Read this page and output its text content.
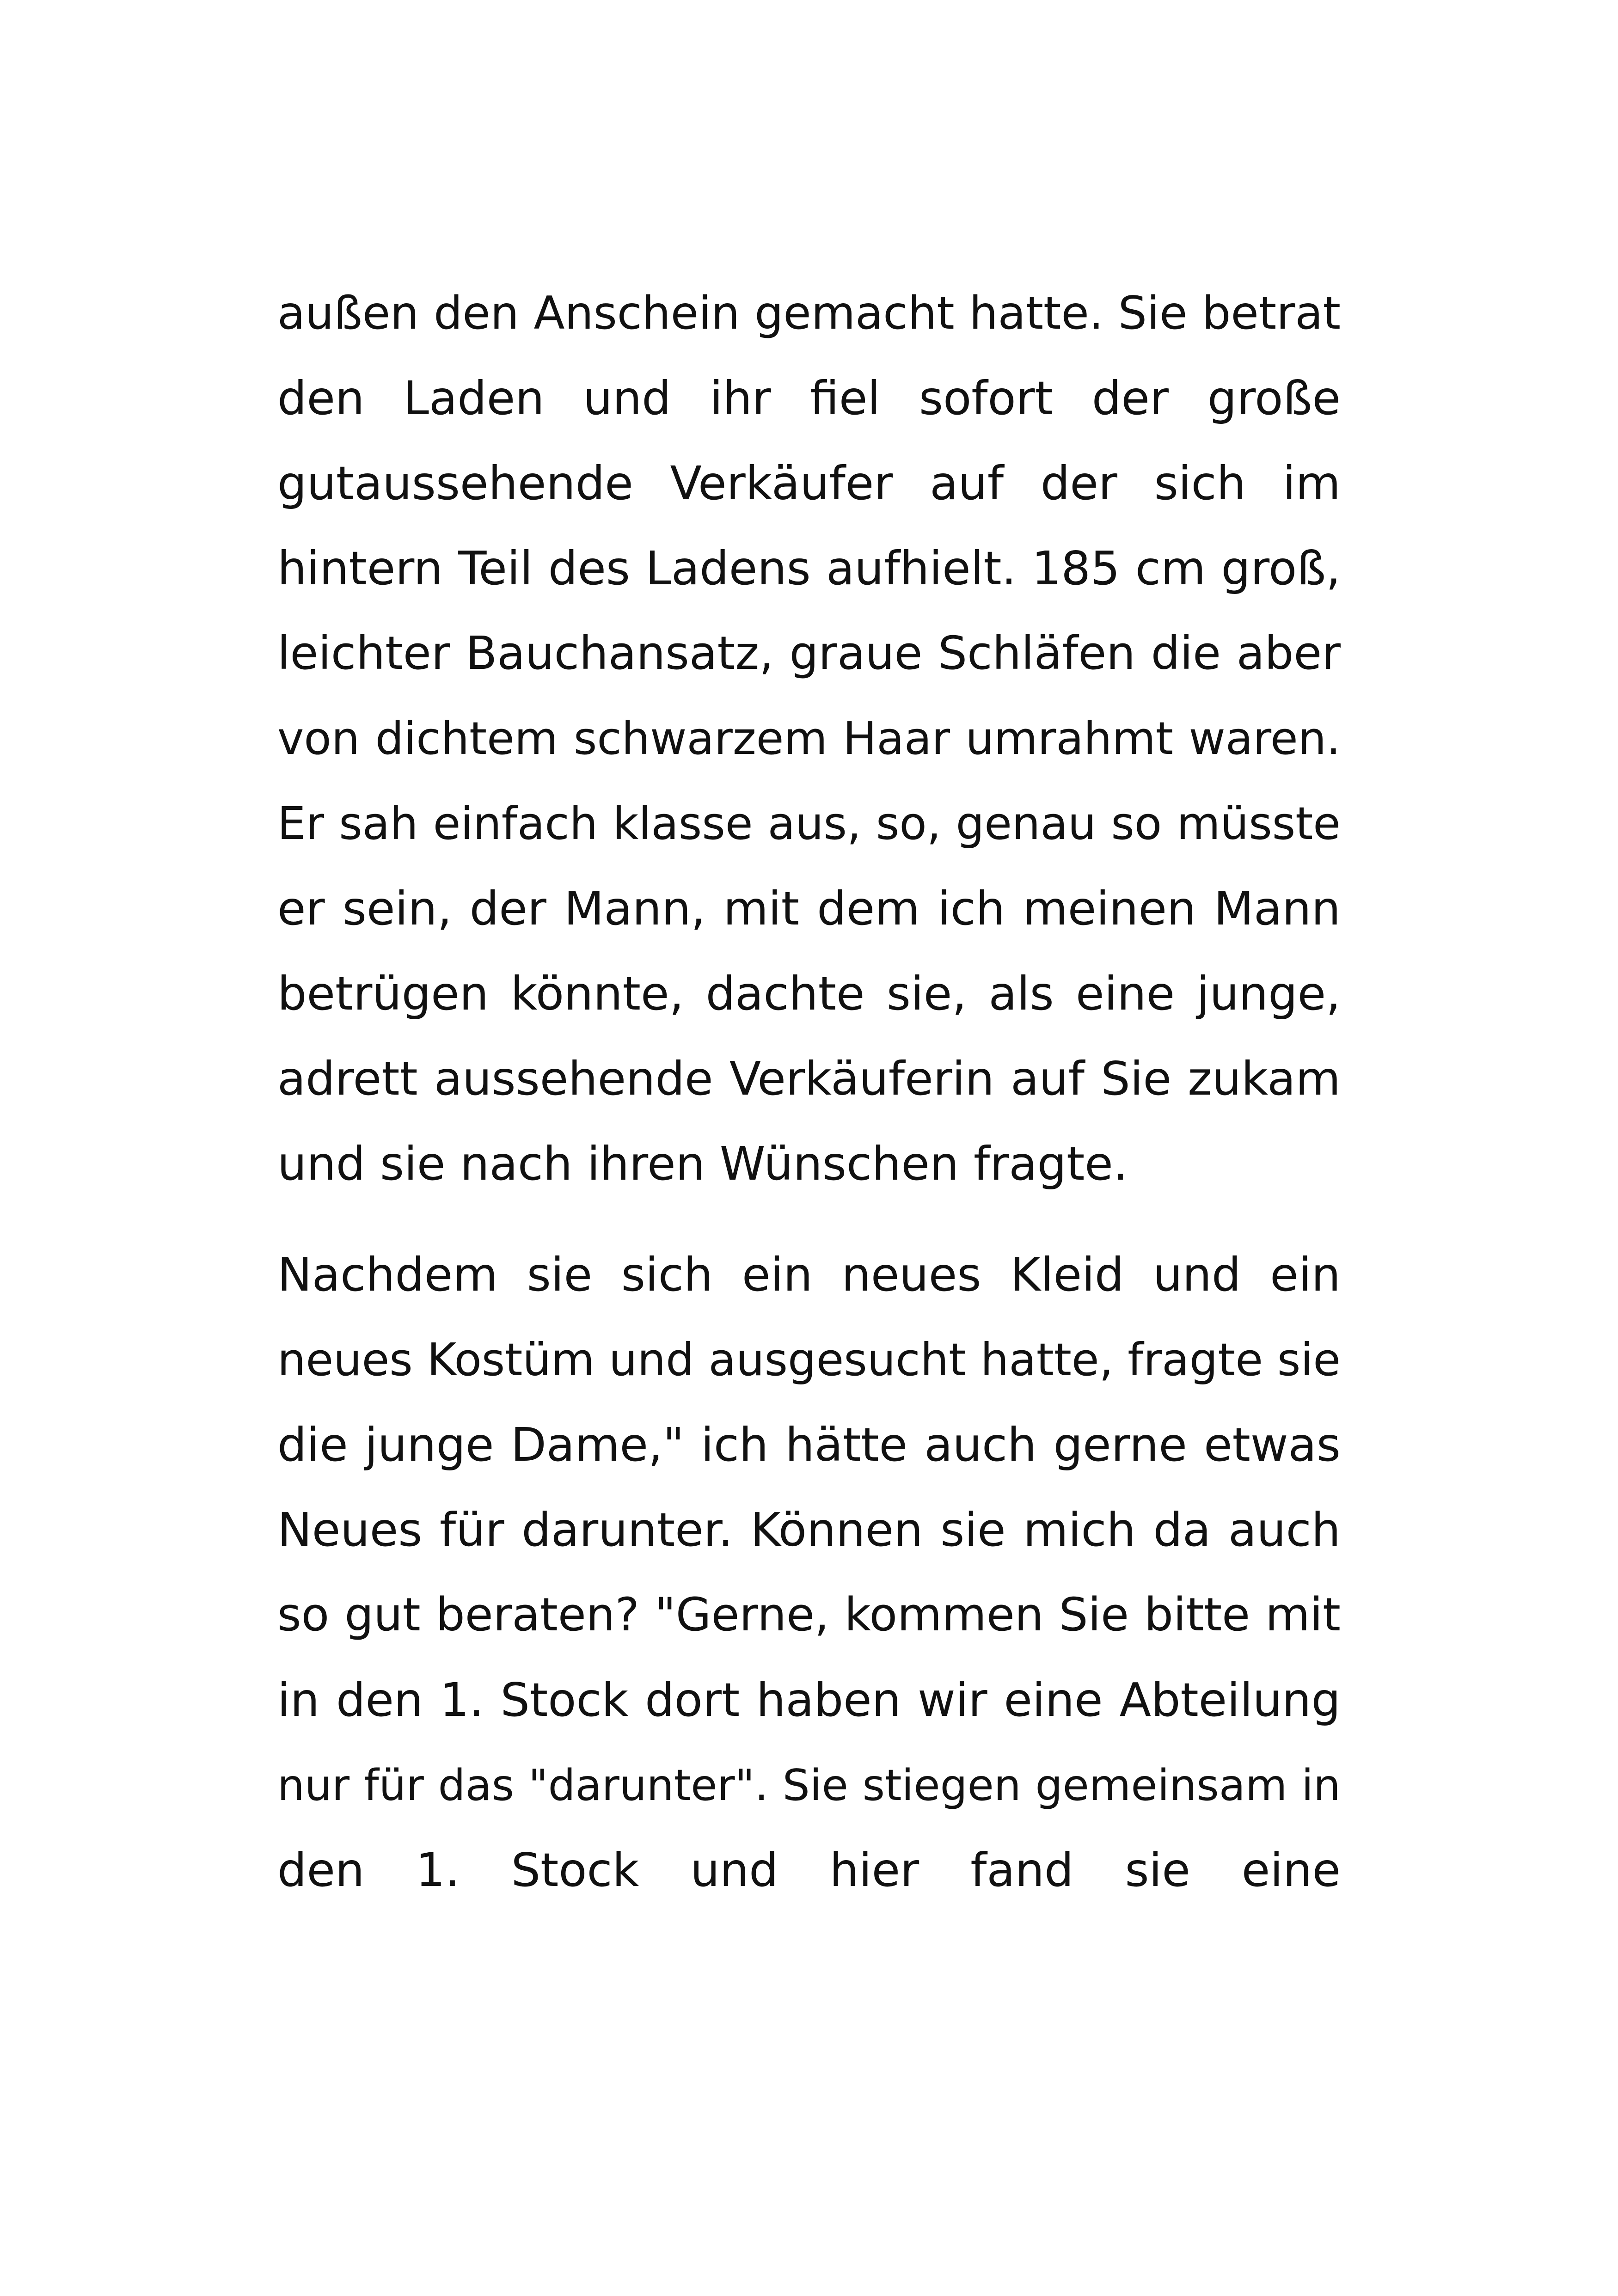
außen den Anschein gemacht hatte. Sie betrat
den Laden und ihr fiel sofort der große
gutaussehende Verkäufer auf der sich im
hintern Teil des Ladens aufhielt. 185 cm groß,
leichter Bauchansatz, graue Schläfen die aber
von dichtem schwarzem Haar umrahmt waren.
Er sah einfach klasse aus, so, genau so müsste
er sein, der Mann, mit dem ich meinen Mann
betrügen könnte, dachte sie, als eine junge,
adrett aussehende Verkäuferin auf Sie zukam
und sie nach ihren Wünschen fragte.
Nachdem sie sich ein neues Kleid und ein
neues Kostüm und ausgesucht hatte, fragte sie
die junge Dame," ich hätte auch gerne etwas
Neues für darunter. Können sie mich da auch
so gut beraten? "Gerne, kommen Sie bitte mit
in den 1. Stock dort haben wir eine Abteilung
nur für das "darunter". Sie stiegen gemeinsam in
den 1. Stock und hier fand sie eine
